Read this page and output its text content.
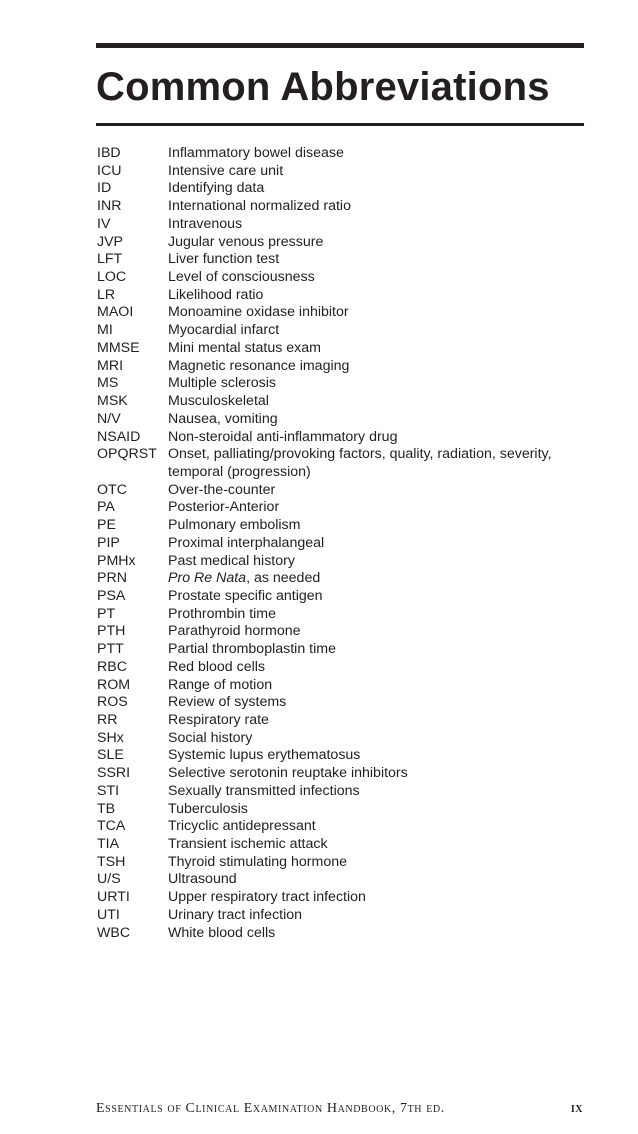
Common Abbreviations
IBD	Inflammatory bowel disease
ICU	Intensive care unit
ID	Identifying data
INR	International normalized ratio
IV	Intravenous
JVP	Jugular venous pressure
LFT	Liver function test
LOC	Level of consciousness
LR	Likelihood ratio
MAOI	Monoamine oxidase inhibitor
MI	Myocardial infarct
MMSE	Mini mental status exam
MRI	Magnetic resonance imaging
MS	Multiple sclerosis
MSK	Musculoskeletal
N/V	Nausea, vomiting
NSAID	Non-steroidal anti-inflammatory drug
OPQRST Onset, palliating/provoking factors, quality, radiation, severity,
temporal (progression)
OTC	Over-the-counter
PA	Posterior-Anterior
PE	Pulmonary embolism
PIP	Proximal interphalangeal
PMHx	Past medical history
PRN	Pro Re Nata, as needed
PSA	Prostate specific antigen
PT	Prothrombin time
PTH	Parathyroid hormone
PTT	Partial thromboplastin time
RBC	Red blood cells
ROM	Range of motion
ROS	Review of systems
RR	Respiratory rate
SHx	Social history
SLE	Systemic lupus erythematosus
SSRI	Selective serotonin reuptake inhibitors
STI	Sexually transmitted infections
TB	Tuberculosis
TCA	Tricyclic antidepressant
TIA	Transient ischemic attack
TSH	Thyroid stimulating hormone
U/S	Ultrasound
URTI	Upper respiratory tract infection
UTI	Urinary tract infection
WBC	White blood cells
Essentials of Clinical Examination Handbook, 7th ed.	ix
